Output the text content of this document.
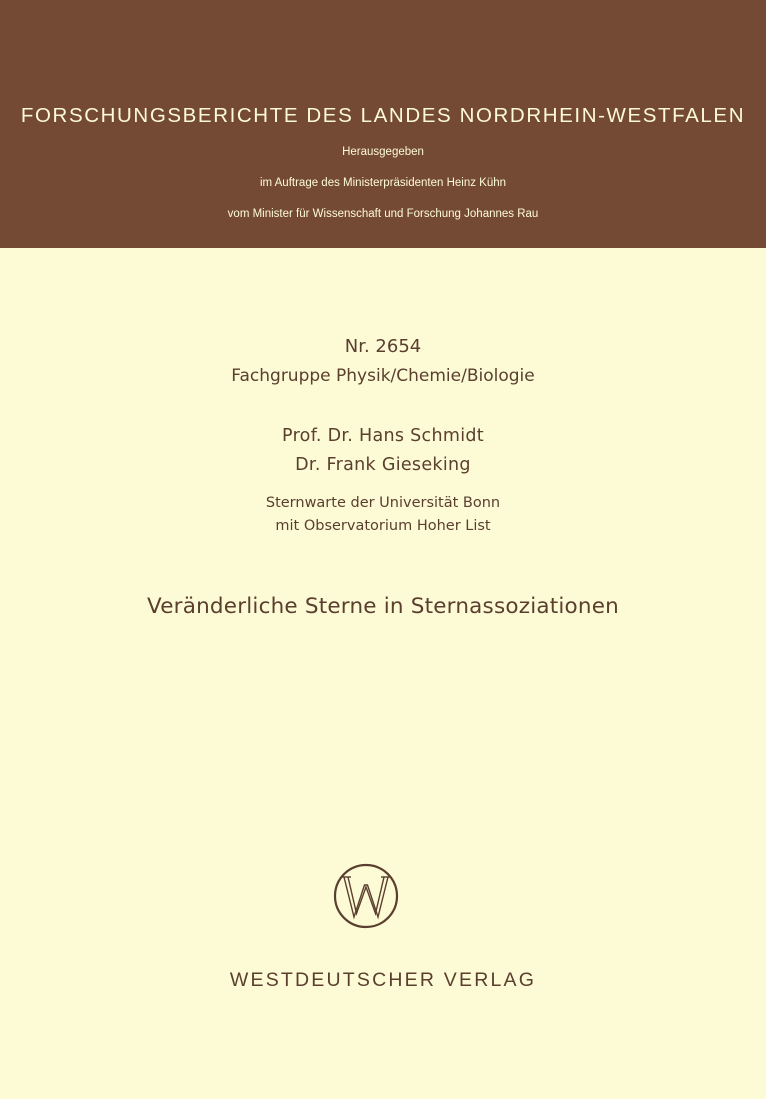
FORSCHUNGSBERICHTE DES LANDES NORDRHEIN-WESTFALEN

Herausgegeben

im Auftrage des Ministerpräsidenten Heinz Kühn

vom Minister für Wissenschaft und Forschung Johannes Rau

Nr. 2654

Fachgruppe Physik/Chemie/Biologie

Prof. Dr. Hans Schmidt

Dr. Frank Gieseking

Sternwarte der Universität Bonn

mit Observatorium Hoher List

Veränderliche Sterne in Sternassoziationen

WESTDEUTSCHER VERLAG
